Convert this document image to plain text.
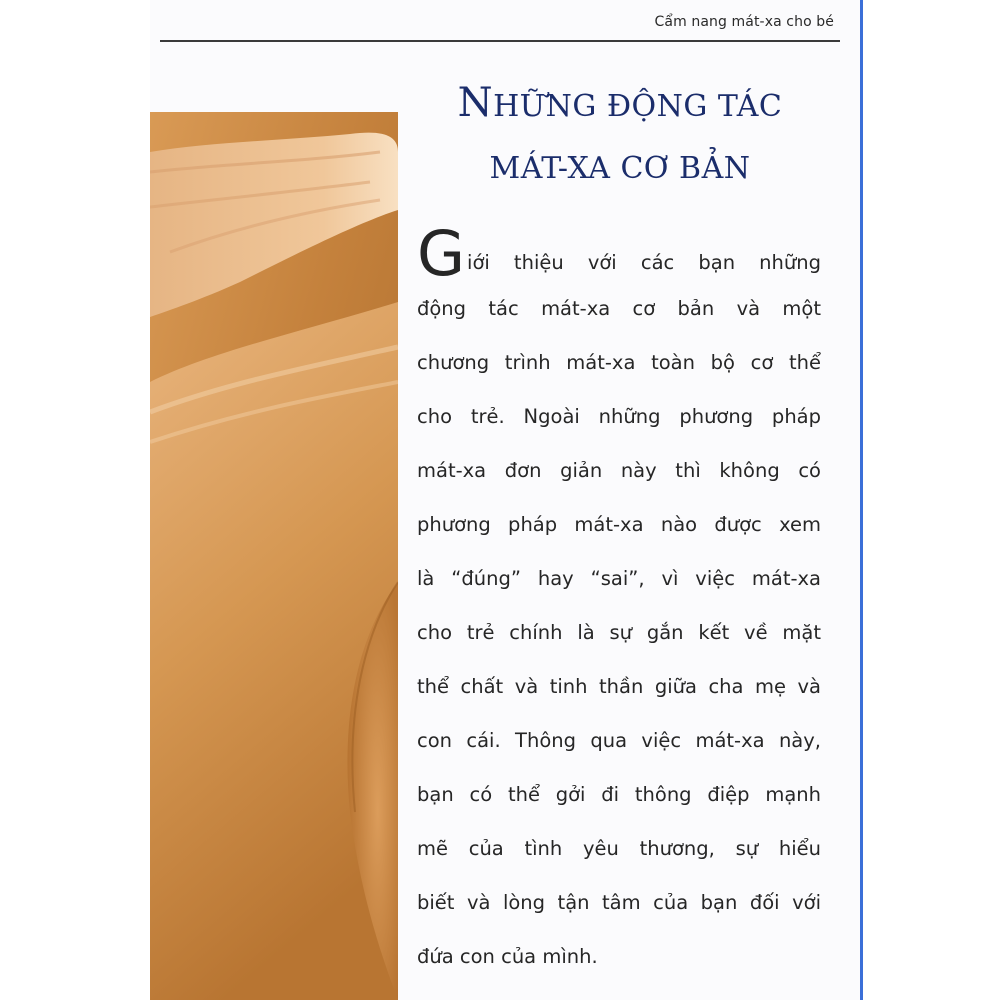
Cẩm nang mát-xa cho bé
NHỮNG ĐỘNG TÁC
MÁT-XA CƠ BẢN
G iới thiệu với các bạn những
động tác mát-xa cơ bản và một
chương trình mát-xa toàn bộ cơ thể
cho trẻ. Ngoài những phương pháp
mát-xa đơn giản này thì không có
phương pháp mát-xa nào được xem
là “đúng” hay “sai”, vì việc mát-xa
cho trẻ chính là sự gắn kết về mặt
thể chất và tinh thần giữa cha mẹ và
con cái. Thông qua việc mát-xa này,
bạn có thể gởi đi thông điệp mạnh
mẽ của tình yêu thương, sự hiểu
biết và lòng tận tâm của bạn đối với
đứa con của mình.
